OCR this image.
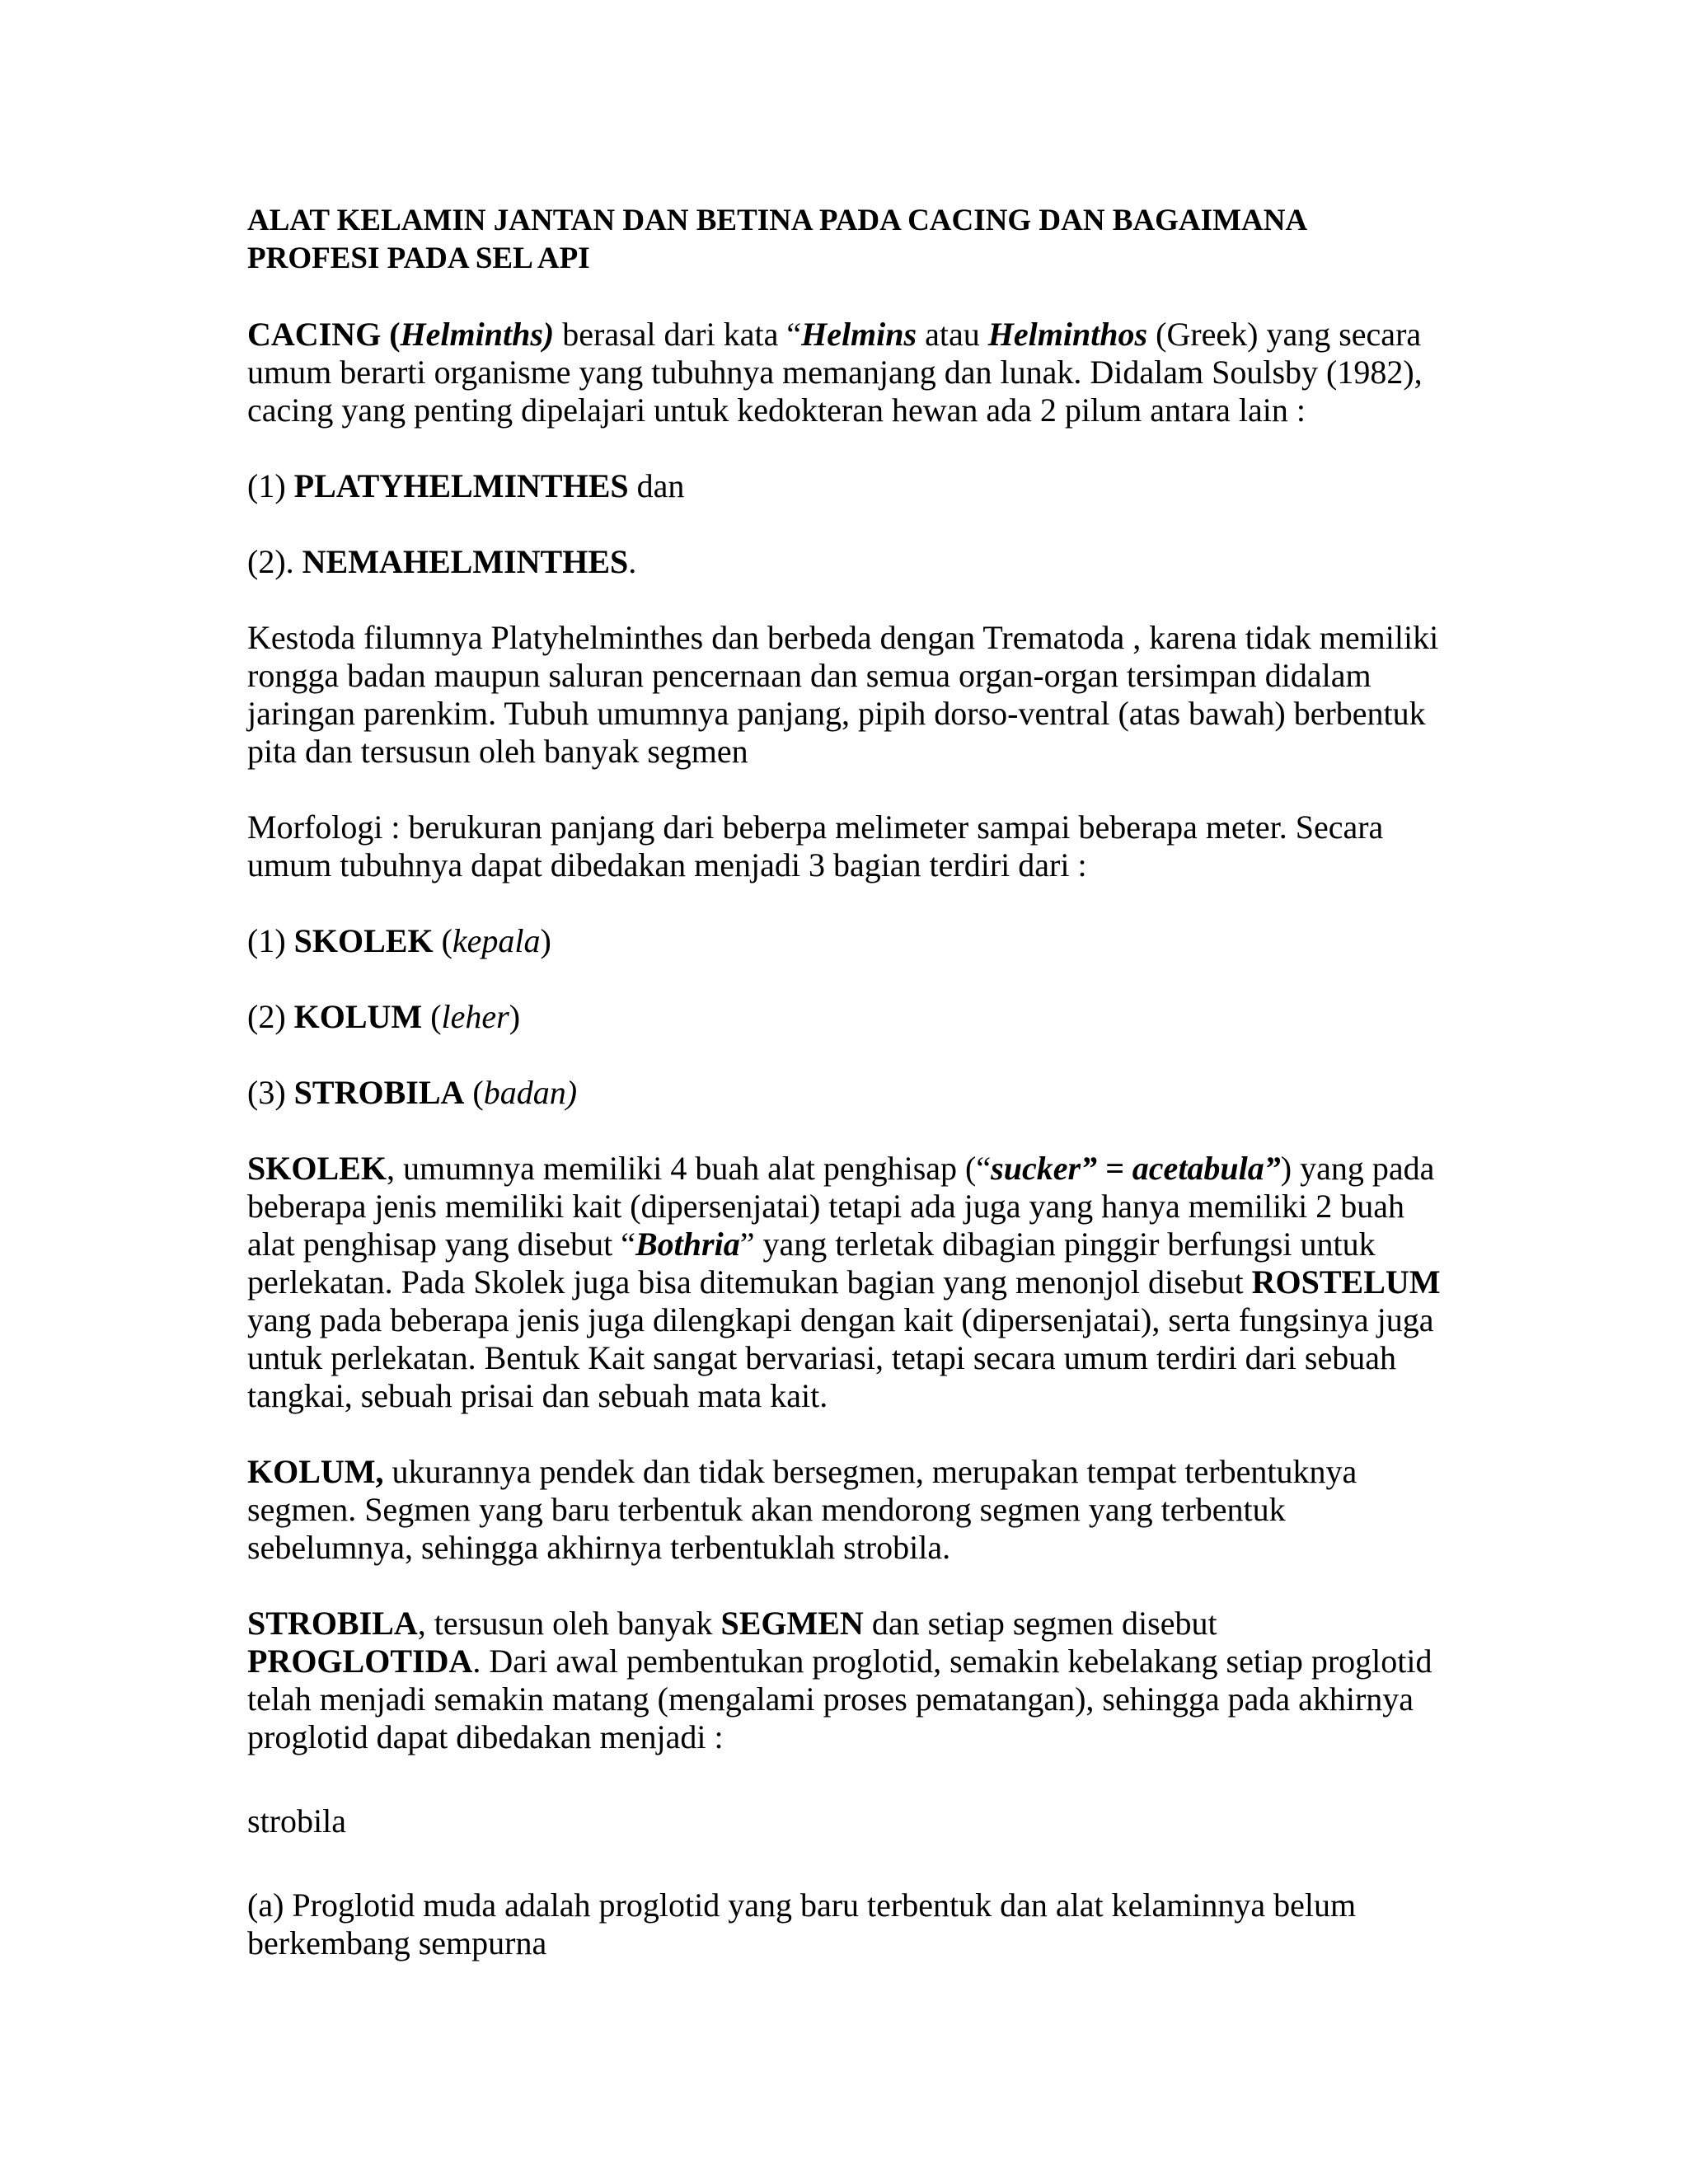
ALAT KELAMIN JANTAN DAN BETINA PADA CACING DAN BAGAIMANA
PROFESI PADA SEL API

CACING (Helminths) berasal dari kata “Helmins atau Helminthos (Greek) yang secara umum berarti organisme yang tubuhnya memanjang dan lunak. Didalam Soulsby (1982), cacing yang penting dipelajari untuk kedokteran hewan ada 2 pilum antara lain :

(1) PLATYHELMINTHES dan

(2). NEMAHELMINTHES.

Kestoda filumnya Platyhelminthes dan berbeda dengan Trematoda , karena tidak memiliki rongga badan maupun saluran pencernaan dan semua organ-organ tersimpan didalam jaringan parenkim. Tubuh umumnya panjang, pipih dorso-ventral (atas bawah) berbentuk pita dan tersusun oleh banyak segmen

Morfologi : berukuran panjang dari beberpa melimeter sampai beberapa meter. Secara umum tubuhnya dapat dibedakan menjadi 3 bagian terdiri dari :

(1) SKOLEK (kepala)

(2) KOLUM (leher)

(3) STROBILA (badan)

SKOLEK, umumnya memiliki 4 buah alat penghisap (“sucker” = acetabula”) yang pada beberapa jenis memiliki kait (dipersenjatai) tetapi ada juga yang hanya memiliki 2 buah alat penghisap yang disebut “Bothria” yang terletak dibagian pinggir berfungsi untuk perlekatan. Pada Skolek juga bisa ditemukan bagian yang menonjol disebut ROSTELUM yang pada beberapa jenis juga dilengkapi dengan kait (dipersenjatai), serta fungsinya juga untuk perlekatan. Bentuk Kait sangat bervariasi, tetapi secara umum terdiri dari sebuah tangkai, sebuah prisai dan sebuah mata kait.

KOLUM, ukurannya pendek dan tidak bersegmen, merupakan tempat terbentuknya segmen. Segmen yang baru terbentuk akan mendorong segmen yang terbentuk sebelumnya, sehingga akhirnya terbentuklah strobila.

STROBILA, tersusun oleh banyak SEGMEN dan setiap segmen disebut PROGLOTIDA. Dari awal pembentukan proglotid, semakin kebelakang setiap proglotid telah menjadi semakin matang (mengalami proses pematangan), sehingga pada akhirnya proglotid dapat dibedakan menjadi :

strobila

(a) Proglotid muda adalah proglotid yang baru terbentuk dan alat kelaminnya belum berkembang sempurna
